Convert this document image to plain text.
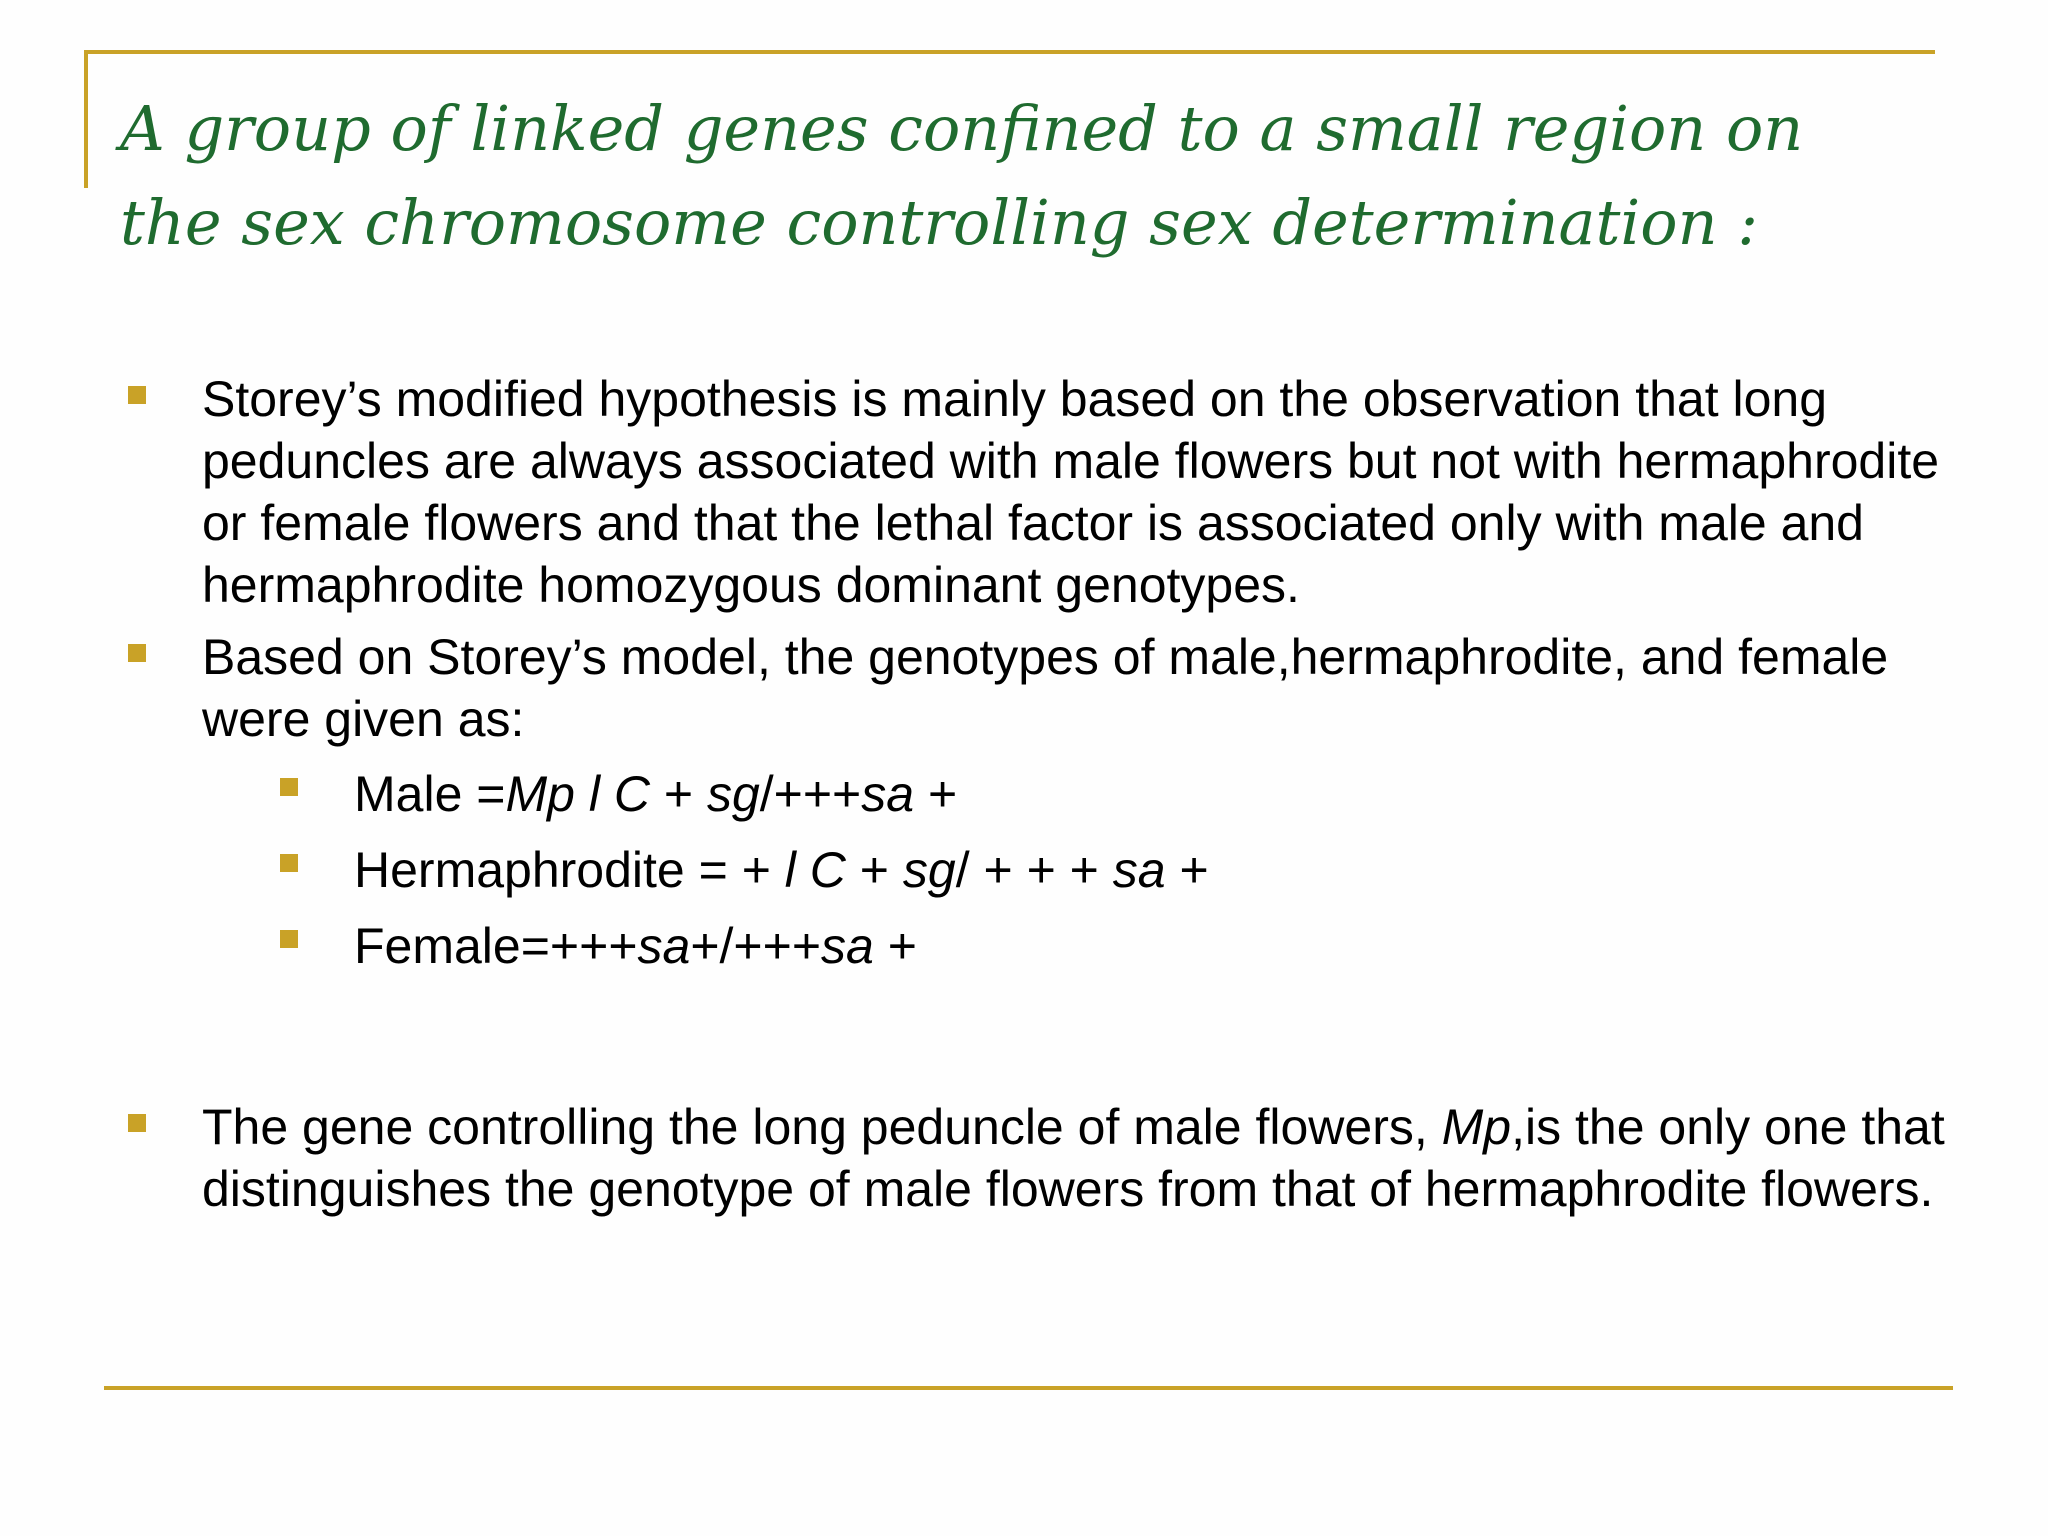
A group of linked genes confined to a small region on the sex chromosome controlling sex determination :
Storey’s modified hypothesis is mainly based on the observation that long peduncles are always associated with male flowers but not with hermaphrodite or female flowers and that the lethal factor is associated only with male and hermaphrodite homozygous dominant genotypes.
Based on Storey’s model, the genotypes of male,hermaphrodite, and female were given as:
Male =Mp l C + sg/+++sa +
Hermaphrodite = + l C + sg/ + + + sa +
Female=+++sa+/+++sa +
The gene controlling the long peduncle of male flowers, Mp,is the only one that distinguishes the genotype of male flowers from that of hermaphrodite flowers.
